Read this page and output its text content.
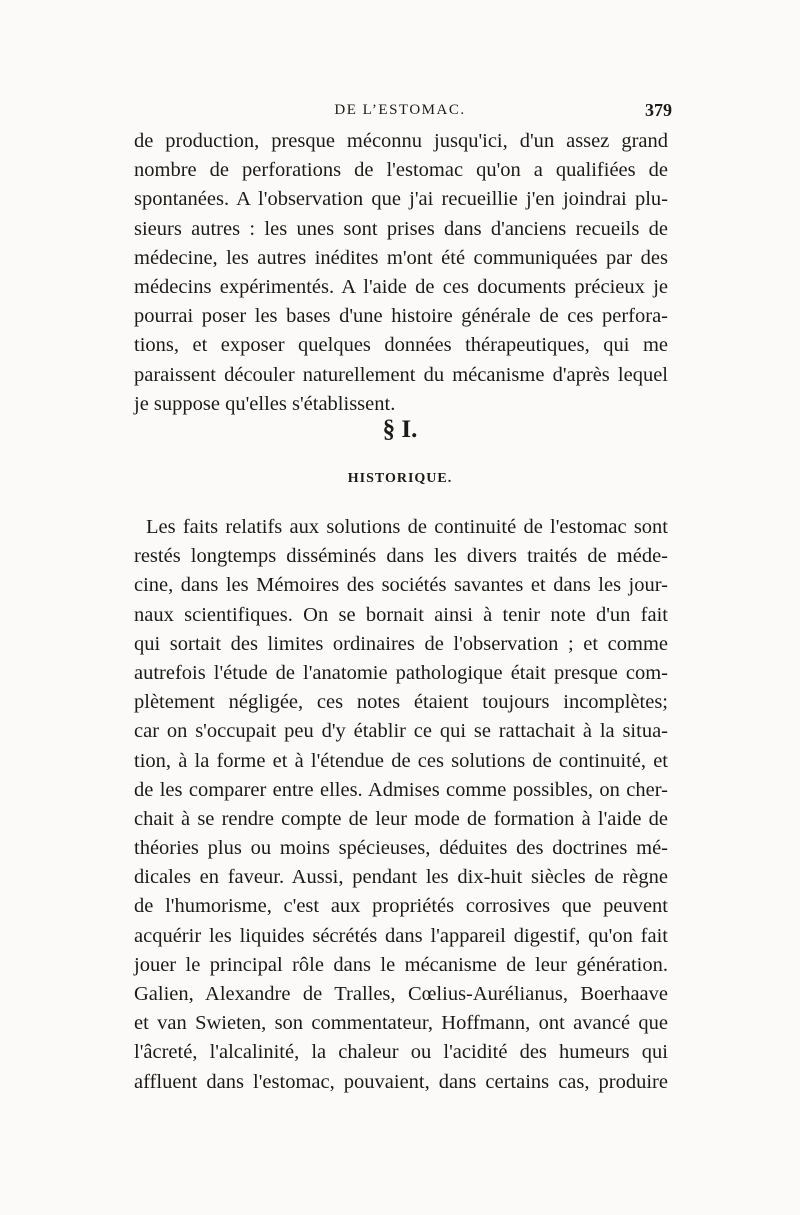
DE L’ESTOMAC.	379
de production, presque méconnu jusqu'ici, d'un assez grand
nombre de perforations de l'estomac qu'on a qualifiées de
spontanées. A l'observation que j'ai recueillie j'en joindrai plu-
sieurs autres : les unes sont prises dans d'anciens recueils de
médecine, les autres inédites m'ont été communiquées par des
médecins expérimentés. A l'aide de ces documents précieux je
pourrai poser les bases d'une histoire générale de ces perfora-
tions, et exposer quelques données thérapeutiques, qui me
paraissent découler naturellement du mécanisme d'après lequel
je suppose qu'elles s'établissent.
§ I.
HISTORIQUE.
Les faits relatifs aux solutions de continuité de l'estomac sont
restés longtemps disséminés dans les divers traités de méde-
cine, dans les Mémoires des sociétés savantes et dans les jour-
naux scientifiques. On se bornait ainsi à tenir note d'un fait
qui sortait des limites ordinaires de l'observation ; et comme
autrefois l'étude de l'anatomie pathologique était presque com-
plètement négligée, ces notes étaient toujours incomplètes;
car on s'occupait peu d'y établir ce qui se rattachait à la situa-
tion, à la forme et à l'étendue de ces solutions de continuité, et
de les comparer entre elles. Admises comme possibles, on cher-
chait à se rendre compte de leur mode de formation à l'aide de
théories plus ou moins spécieuses, déduites des doctrines mé-
dicales en faveur. Aussi, pendant les dix-huit siècles de règne
de l'humorisme, c'est aux propriétés corrosives que peuvent
acquérir les liquides sécrétés dans l'appareil digestif, qu'on fait
jouer le principal rôle dans le mécanisme de leur génération.
Galien, Alexandre de Tralles, Cœlius-Aurélianus, Boerhaave
et van Swieten, son commentateur, Hoffmann, ont avancé que
l'âcreté, l'alcalinité, la chaleur ou l'acidité des humeurs qui
affluent dans l'estomac, pouvaient, dans certains cas, produire
